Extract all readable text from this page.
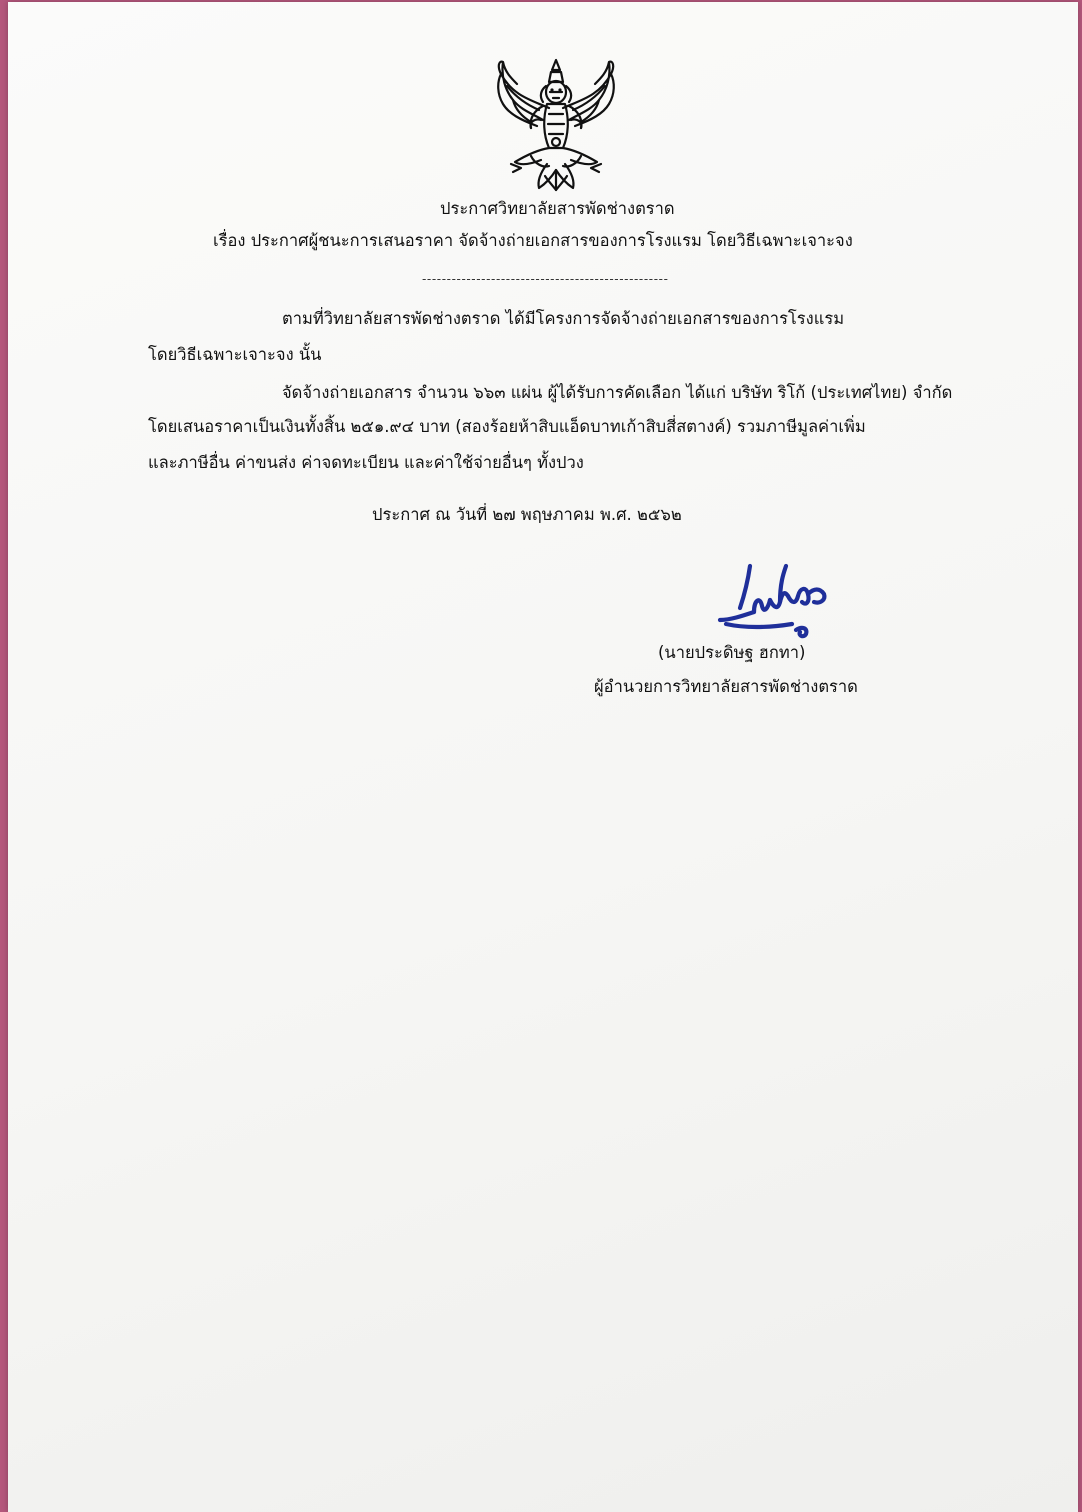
ประกาศวิทยาลัยสารพัดช่างตราด
เรื่อง ประกาศผู้ชนะการเสนอราคา จัดจ้างถ่ายเอกสารของการโรงแรม โดยวิธีเฉพาะเจาะจง
--------------------------------------------------
ตามที่วิทยาลัยสารพัดช่างตราด ได้มีโครงการจัดจ้างถ่ายเอกสารของการโรงแรม
โดยวิธีเฉพาะเจาะจง นั้น
จัดจ้างถ่ายเอกสาร จำนวน ๖๖๓ แผ่น ผู้ได้รับการคัดเลือก ได้แก่ บริษัท ริโก้ (ประเทศไทย) จำกัด
โดยเสนอราคาเป็นเงินทั้งสิ้น ๒๕๑.๙๔ บาท (สองร้อยห้าสิบแอ็ดบาทเก้าสิบสี่สตางค์) รวมภาษีมูลค่าเพิ่ม
และภาษีอื่น ค่าขนส่ง ค่าจดทะเบียน และค่าใช้จ่ายอื่นๆ ทั้งปวง
ประกาศ ณ วันที่ ๒๗ พฤษภาคม พ.ศ. ๒๕๖๒
(นายประดิษฐ ฮกทา)
ผู้อำนวยการวิทยาลัยสารพัดช่างตราด
